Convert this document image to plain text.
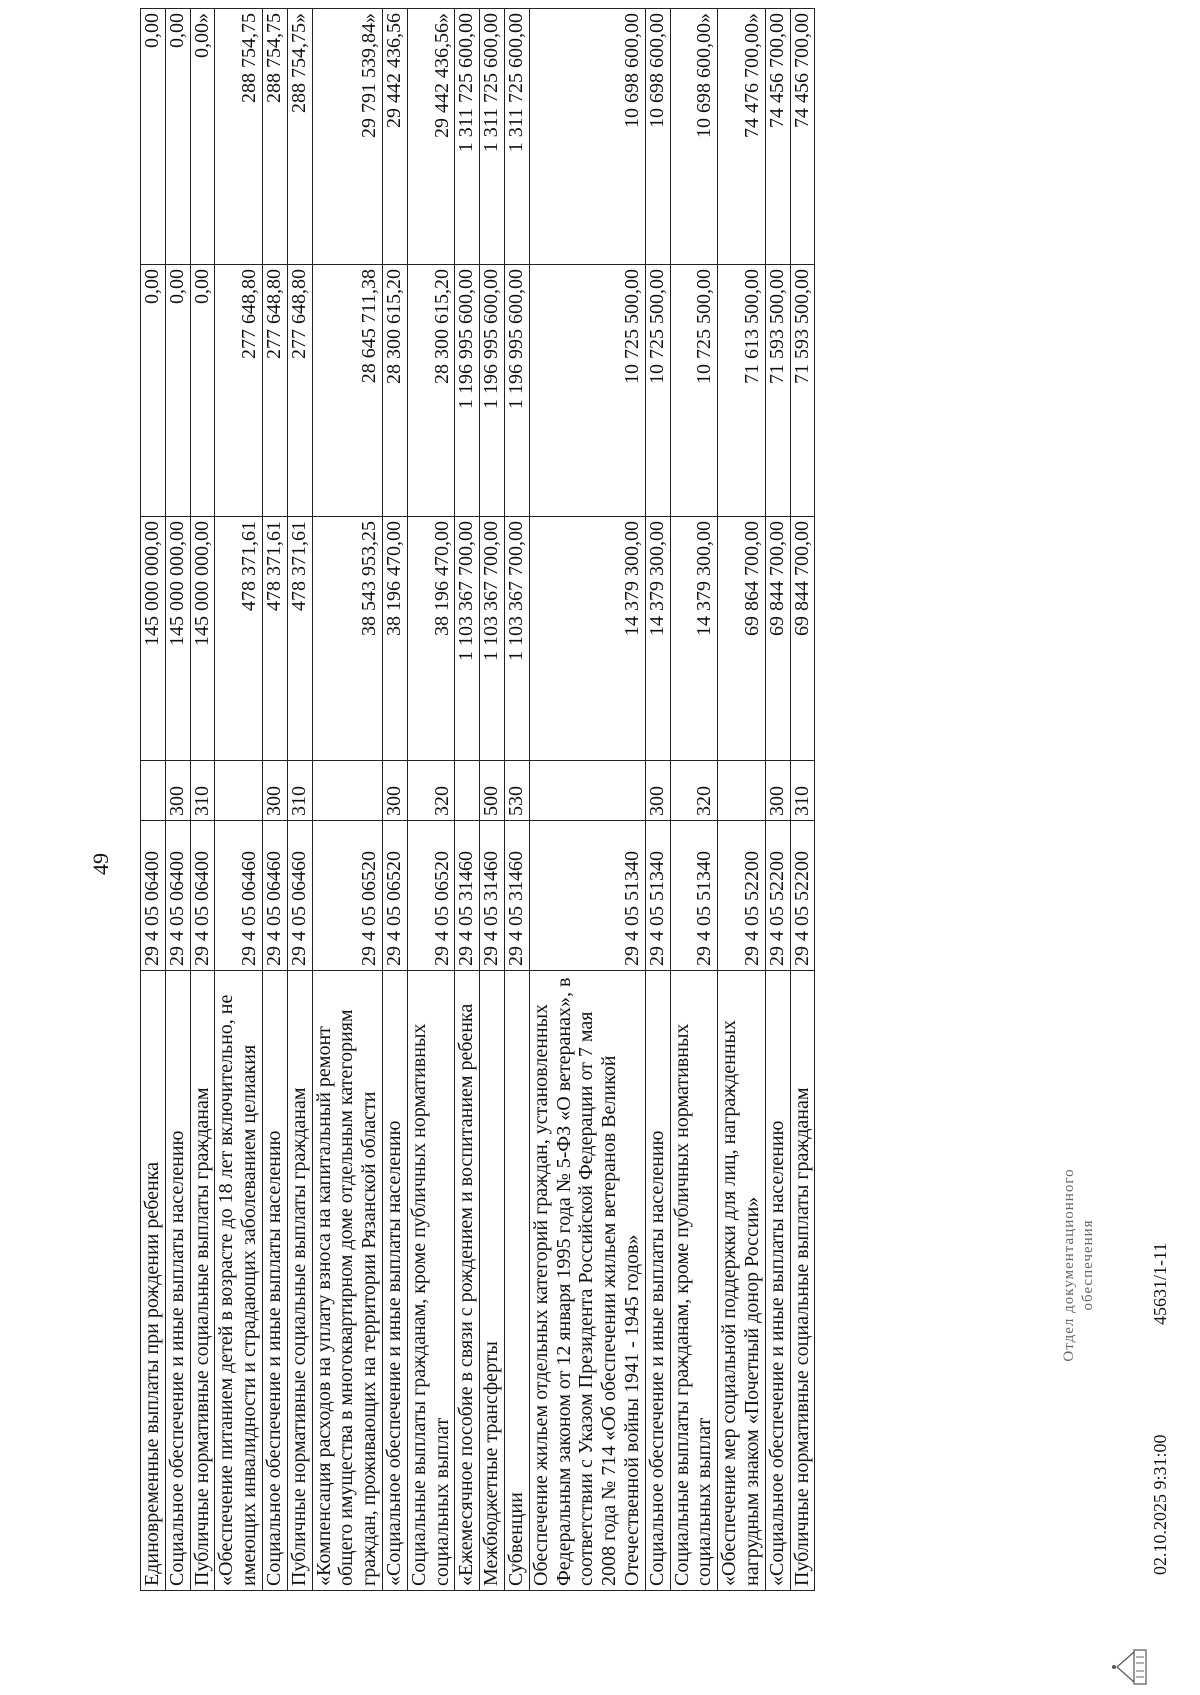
49
Единовременные выплаты при рождении ребенка	29 4 05 06400		145 000 000,00	0,00	0,00
Социальное обеспечение и иные выплаты населению	29 4 05 06400	300	145 000 000,00	0,00	0,00
Публичные нормативные социальные выплаты гражданам	29 4 05 06400	310	145 000 000,00	0,00	0,00»
«Обеспечение питанием детей в возрасте до 18 лет включительно, не имеющих инвалидности и страдающих заболеванием целиакия	29 4 05 06460		478 371,61	277 648,80	288 754,75
Социальное обеспечение и иные выплаты населению	29 4 05 06460	300	478 371,61	277 648,80	288 754,75
Публичные нормативные социальные выплаты гражданам	29 4 05 06460	310	478 371,61	277 648,80	288 754,75»
«Компенсация расходов на уплату взноса на капитальный ремонт общего имущества в многоквартирном доме отдельным категориям граждан, проживающих на территории Рязанской области	29 4 05 06520		38 543 953,25	28 645 711,38	29 791 539,84»
«Социальное обеспечение и иные выплаты населению	29 4 05 06520	300	38 196 470,00	28 300 615,20	29 442 436,56
Социальные выплаты гражданам, кроме публичных нормативных социальных выплат	29 4 05 06520	320	38 196 470,00	28 300 615,20	29 442 436,56»
«Ежемесячное пособие в связи с рождением и воспитанием ребенка	29 4 05 31460		1 103 367 700,00	1 196 995 600,00	1 311 725 600,00
Межбюджетные трансферты	29 4 05 31460	500	1 103 367 700,00	1 196 995 600,00	1 311 725 600,00
Субвенции	29 4 05 31460	530	1 103 367 700,00	1 196 995 600,00	1 311 725 600,00
Обеспечение жильем отдельных категорий граждан, установленных Федеральным законом от 12 января 1995 года № 5-ФЗ «О ветеранах», в соответствии с Указом Президента Российской Федерации от 7 мая 2008 года № 714 «Об обеспечении жильем ветеранов Великой Отечественной войны 1941 - 1945 годов»	29 4 05 51340		14 379 300,00	10 725 500,00	10 698 600,00
Социальное обеспечение и иные выплаты населению	29 4 05 51340	300	14 379 300,00	10 725 500,00	10 698 600,00
Социальные выплаты гражданам, кроме публичных нормативных социальных выплат	29 4 05 51340	320	14 379 300,00	10 725 500,00	10 698 600,00»
«Обеспечение мер социальной поддержки для лиц, награжденных нагрудным знаком «Почетный донор России»	29 4 05 52200		69 864 700,00	71 613 500,00	74 476 700,00»
«Социальное обеспечение и иные выплаты населению	29 4 05 52200	300	69 844 700,00	71 593 500,00	74 456 700,00
Публичные нормативные социальные выплаты гражданам	29 4 05 52200	310	69 844 700,00	71 593 500,00	74 456 700,00
02.10.2025 9:31:00
45631/1-11
Отдел документационного обеспечения
